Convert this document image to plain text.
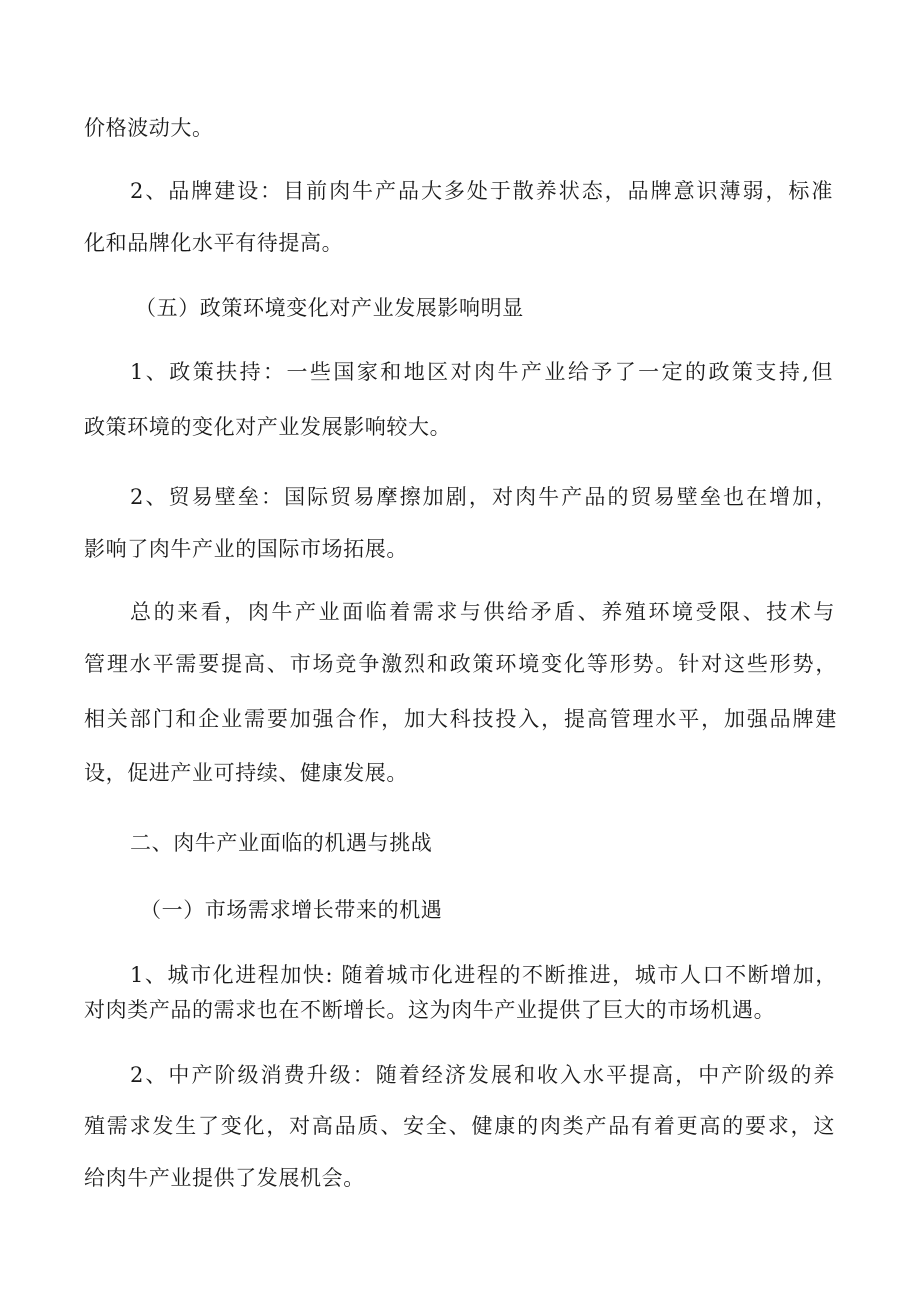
价格波动大。
2、品牌建设：目前肉牛产品大多处于散养状态，品牌意识薄弱，标准
化和品牌化水平有待提高。
（五）政策环境变化对产业发展影响明显
1、政策扶持：一些国家和地区对肉牛产业给予了一定的政策支持,但
政策环境的变化对产业发展影响较大。
2、贸易壁垒：国际贸易摩擦加剧，对肉牛产品的贸易壁垒也在增加，
影响了肉牛产业的国际市场拓展。
总的来看，肉牛产业面临着需求与供给矛盾、养殖环境受限、技术与
管理水平需要提高、市场竞争激烈和政策环境变化等形势。针对这些形势，
相关部门和企业需要加强合作，加大科技投入，提高管理水平，加强品牌建
设，促进产业可持续、健康发展。
二、肉牛产业面临的机遇与挑战
（一）市场需求增长带来的机遇
1、城市化进程加快: 随着城市化进程的不断推进，城市人口不断增加，
对肉类产品的需求也在不断增长。这为肉牛产业提供了巨大的市场机遇。
2、中产阶级消费升级：随着经济发展和收入水平提高，中产阶级的养
殖需求发生了变化，对高品质、安全、健康的肉类产品有着更高的要求，这
给肉牛产业提供了发展机会。
